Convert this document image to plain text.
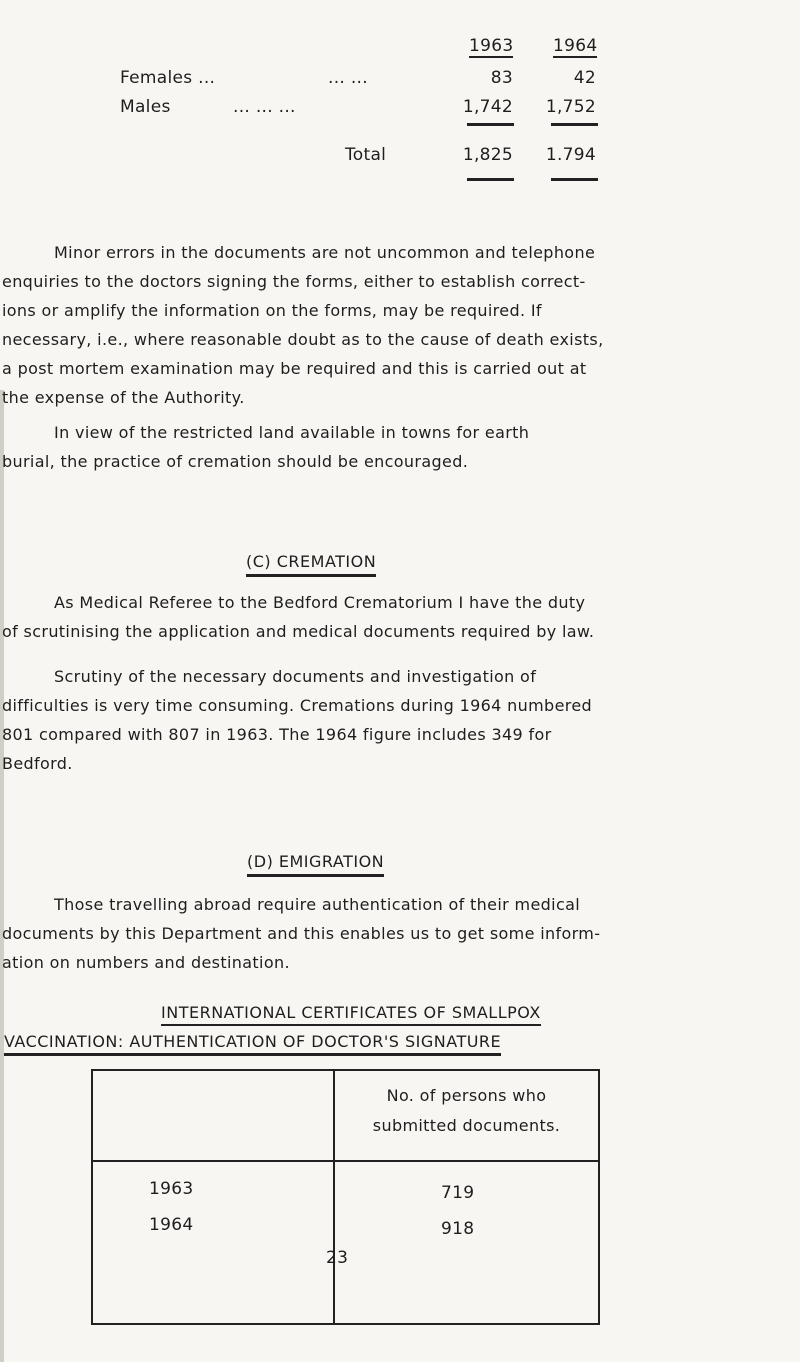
1963 1964
Females ...	... ...	83	42
Males	... ... ...	1,742	1,752
Total	1,825	1.794
Minor errors in the documents are not uncommon and telephone
enquiries to the doctors signing the forms, either to establish correct-
ions or amplify the information on the forms, may be required. If
necessary, i.e., where reasonable doubt as to the cause of death exists,
a post mortem examination may be required and this is carried out at
the expense of the Authority.
In view of the restricted land available in towns for earth
burial, the practice of cremation should be encouraged.
(C) CREMATION
As Medical Referee to the Bedford Crematorium I have the duty
of scrutinising the application and medical documents required by law.
Scrutiny of the necessary documents and investigation of
difficulties is very time consuming. Cremations during 1964 numbered
801 compared with 807 in 1963. The 1964 figure includes 349 for
Bedford.
(D) EMIGRATION
Those travelling abroad require authentication of their medical
documents by this Department and this enables us to get some inform-
ation on numbers and destination.
INTERNATIONAL CERTIFICATES OF SMALLPOX
VACCINATION: AUTHENTICATION OF DOCTOR'S SIGNATURE
No. of persons who
submitted documents.
1963	719
1964	918
23
